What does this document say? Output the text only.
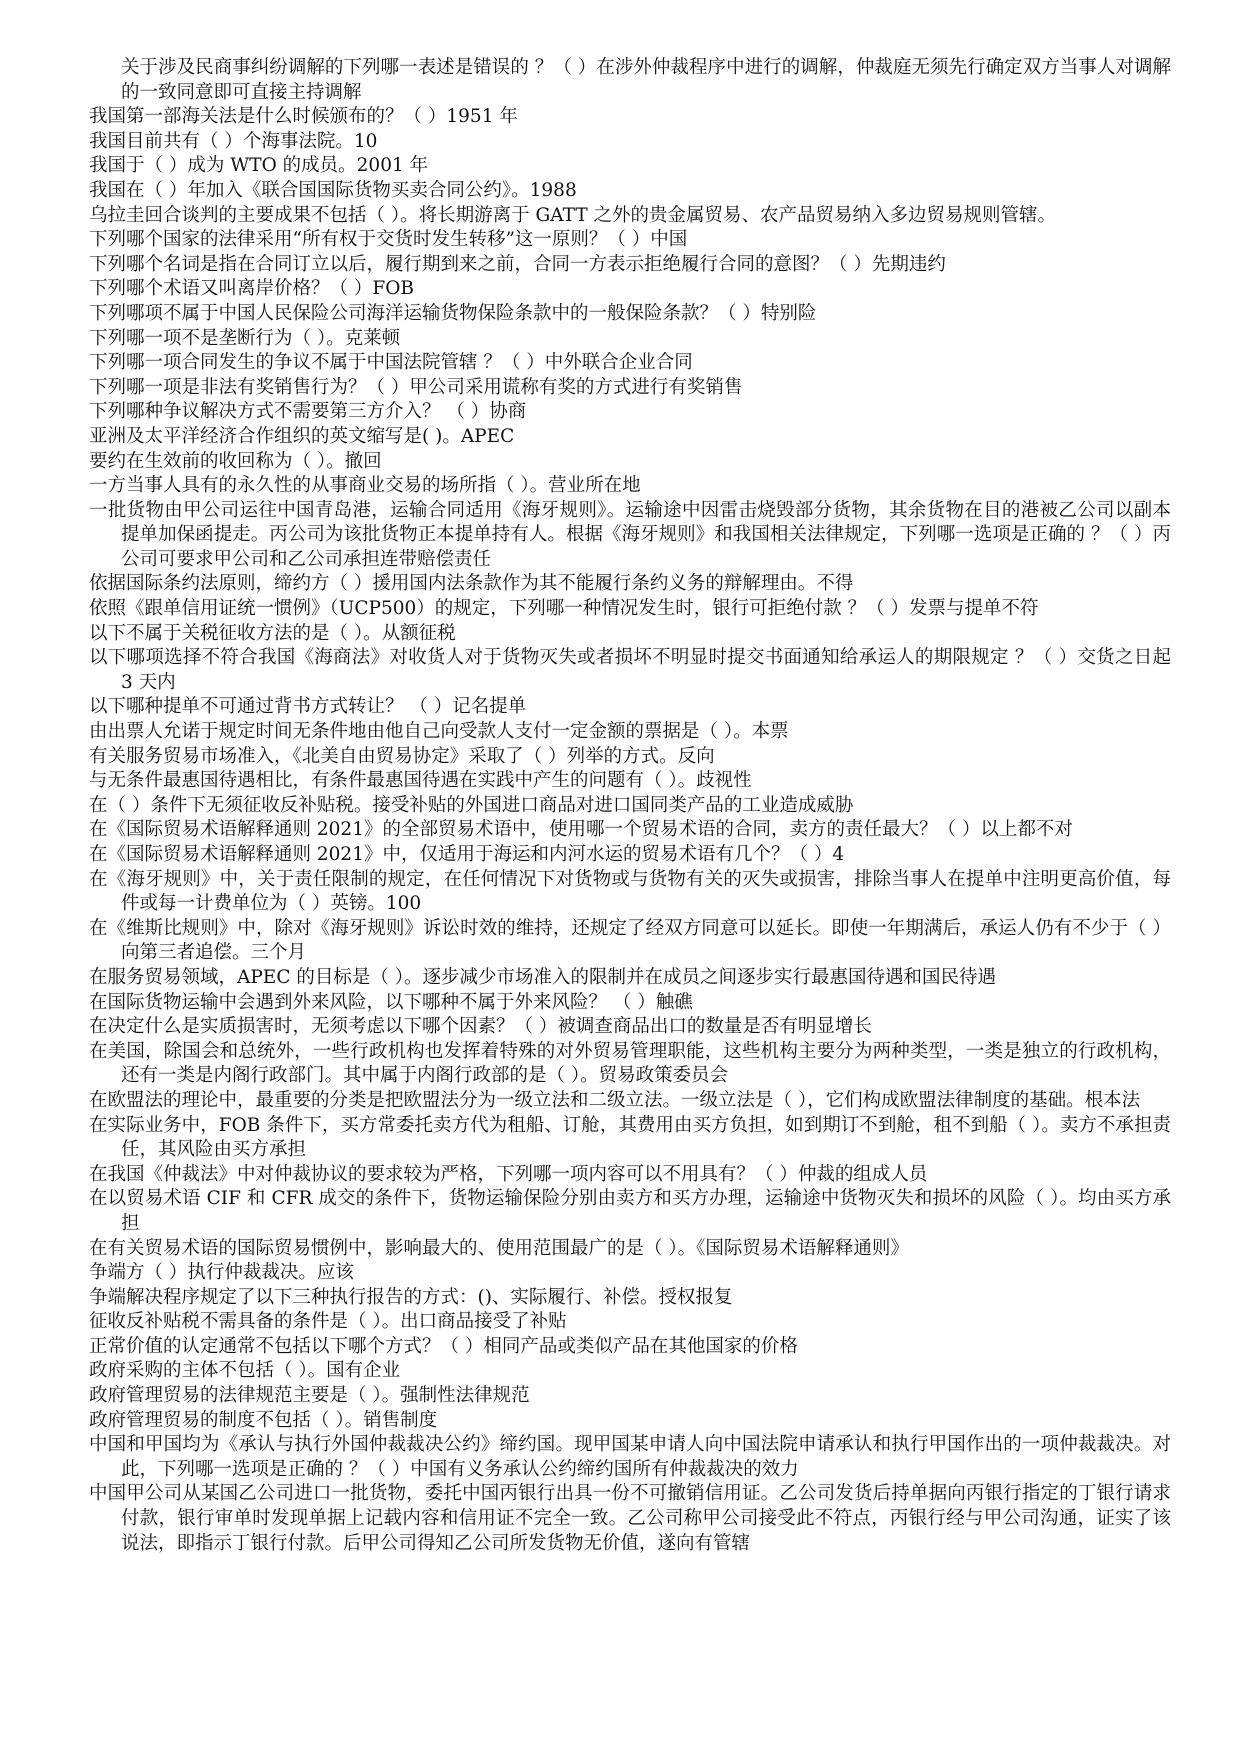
关于涉及民商事纠纷调解的下列哪一表述是错误的 ？（ ）在涉外仲裁程序中进行的调解，仲裁庭无须先行确定双方当事人对调解的一致同意即可直接主持调解

我国第一部海关法是什么时候颁布的？（ ）1951 年

我国目前共有（ ）个海事法院。10

我国于（ ）成为 WTO 的成员。2001 年

我国在（ ）年加入《联合国国际货物买卖合同公约》。1988

乌拉圭回合谈判的主要成果不包括（ ）。将长期游离于 GATT 之外的贵金属贸易、农产品贸易纳入多边贸易规则管辖。

下列哪个国家的法律采用“所有权于交货时发生转移”这一原则？（ ）中国

下列哪个名词是指在合同订立以后，履行期到来之前，合同一方表示拒绝履行合同的意图？（ ）先期违约

下列哪个术语又叫离岸价格？（ ）FOB

下列哪项不属于中国人民保险公司海洋运输货物保险条款中的一般保险条款？（ ）特别险

下列哪一项不是垄断行为（ ）。克莱顿

下列哪一项合同发生的争议不属于中国法院管辖 ？（ ）中外联合企业合同

下列哪一项是非法有奖销售行为？（ ）甲公司采用谎称有奖的方式进行有奖销售

下列哪种争议解决方式不需要第三方介入？ （ ）协商

亚洲及太平洋经济合作组织的英文缩写是( )。APEC

要约在生效前的收回称为（ ）。撤回

一方当事人具有的永久性的从事商业交易的场所指（ ）。营业所在地

一批货物由甲公司运往中国青岛港，运输合同适用《海牙规则》。运输途中因雷击烧毁部分货物，其余货物在目的港被乙公司以副本提单加保函提走。丙公司为该批货物正本提单持有人。根据《海牙规则》和我国相关法律规定，下列哪一选项是正确的 ？（ ）丙公司可要求甲公司和乙公司承担连带赔偿责任

依据国际条约法原则，缔约方（ ）援用国内法条款作为其不能履行条约义务的辩解理由。不得

依照《跟单信用证统一惯例》（UCP500）的规定，下列哪一种情况发生时，银行可拒绝付款 ？（ ）发票与提单不符

以下不属于关税征收方法的是（ ）。从额征税

以下哪项选择不符合我国《海商法》对收货人对于货物灭失或者损坏不明显时提交书面通知给承运人的期限规定 ？（ ）交货之日起 3 天内

以下哪种提单不可通过背书方式转让？ （ ）记名提单

由出票人允诺于规定时间无条件地由他自己向受款人支付一定金额的票据是（ ）。本票

有关服务贸易市场准入，《北美自由贸易协定》采取了（ ）列举的方式。反向

与无条件最惠国待遇相比，有条件最惠国待遇在实践中产生的问题有（ ）。歧视性

在（ ）条件下无须征收反补贴税。接受补贴的外国进口商品对进口国同类产品的工业造成威胁

在《国际贸易术语解释通则 2021》的全部贸易术语中，使用哪一个贸易术语的合同，卖方的责任最大？（ ）以上都不对

在《国际贸易术语解释通则 2021》中，仅适用于海运和内河水运的贸易术语有几个？（ ）4

在《海牙规则》中，关于责任限制的规定，在任何情况下对货物或与货物有关的灭失或损害，排除当事人在提单中注明更高价值，每件或每一计费单位为（ ）英镑。100

在《维斯比规则》中，除对《海牙规则》诉讼时效的维持，还规定了经双方同意可以延长。即使一年期满后，承运人仍有不少于（ ）向第三者追偿。三个月

在服务贸易领域，APEC 的目标是（ ）。逐步减少市场准入的限制并在成员之间逐步实行最惠国待遇和国民待遇

在国际货物运输中会遇到外来风险，以下哪种不属于外来风险？ （ ）触礁

在决定什么是实质损害时，无须考虑以下哪个因素？（ ）被调查商品出口的数量是否有明显增长

在美国，除国会和总统外，一些行政机构也发挥着特殊的对外贸易管理职能，这些机构主要分为两种类型，一类是独立的行政机构，还有一类是内阁行政部门。其中属于内阁行政部的是（ ）。贸易政策委员会

在欧盟法的理论中，最重要的分类是把欧盟法分为一级立法和二级立法。一级立法是（ ），它们构成欧盟法律制度的基础。根本法

在实际业务中，FOB 条件下，买方常委托卖方代为租船、订舱，其费用由买方负担，如到期订不到舱，租不到船（ ）。卖方不承担责任，其风险由买方承担

在我国《仲裁法》中对仲裁协议的要求较为严格，下列哪一项内容可以不用具有？（ ）仲裁的组成人员

在以贸易术语 CIF 和 CFR 成交的条件下，货物运输保险分别由卖方和买方办理，运输途中货物灭失和损坏的风险（ ）。均由买方承担

在有关贸易术语的国际贸易惯例中，影响最大的、使用范围最广的是（ ）。《国际贸易术语解释通则》

争端方（ ）执行仲裁裁决。应该

争端解决程序规定了以下三种执行报告的方式：()、实际履行、补偿。授权报复

征收反补贴税不需具备的条件是（ ）。出口商品接受了补贴

正常价值的认定通常不包括以下哪个方式？（ ）相同产品或类似产品在其他国家的价格

政府采购的主体不包括（ ）。国有企业

政府管理贸易的法律规范主要是（ ）。强制性法律规范

政府管理贸易的制度不包括（ ）。销售制度

中国和甲国均为《承认与执行外国仲裁裁决公约》缔约国。现甲国某申请人向中国法院申请承认和执行甲国作出的一项仲裁裁决。对此，下列哪一选项是正确的 ？（ ）中国有义务承认公约缔约国所有仲裁裁决的效力

中国甲公司从某国乙公司进口一批货物，委托中国丙银行出具一份不可撤销信用证。乙公司发货后持单据向丙银行指定的丁银行请求付款，银行审单时发现单据上记载内容和信用证不完全一致。乙公司称甲公司接受此不符点，丙银行经与甲公司沟通，证实了该说法，即指示丁银行付款。后甲公司得知乙公司所发货物无价值，遂向有管辖
